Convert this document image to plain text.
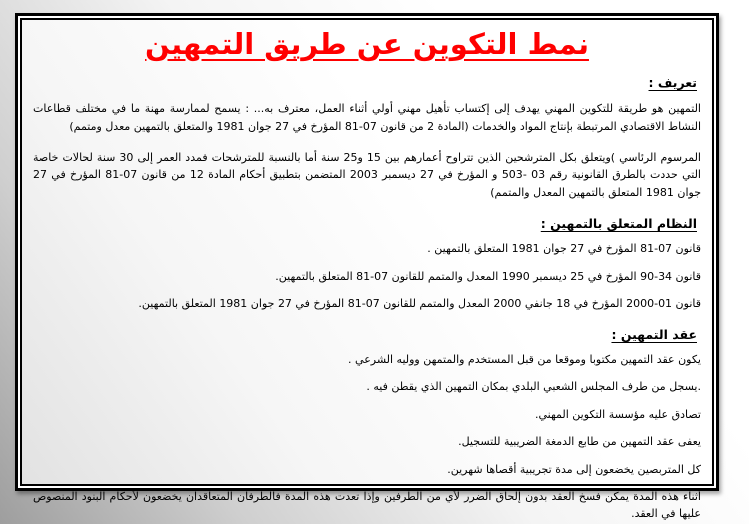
نمط التكوين عن طريق التمهين
تعريف :

التمهين هو طريقة للتكوين المهني يهدف إلى إكتساب تأهيل مهني أولي أثناء العمل، معترف به... : يسمح لممارسة مهنة ما في مختلف قطاعات النشاط الاقتصادي المرتبطة بإنتاج المواد والخدمات (المادة 2 من قانون 07-81 المؤرخ في 27 جوان 1981 والمتعلق بالتمهين معدل ومتمم)

المرسوم الرئاسي )ويتعلق بكل المترشحين الذين تتراوح أعمارهم بين 15 و25 سنة أما بالنسبة للمترشحات فمدد العمر إلى 30 سنة لحالات خاصة التي حددت بالطرق القانونية رقم 03 -503 و المؤرخ في 27 ديسمبر 2003 المتضمن بتطبيق أحكام المادة 12 من قانون 07-81 المؤرخ في 27 جوان 1981 المتعلق بالتمهين المعدل والمتمم)

النظام المتعلق بالتمهين :

قانون 07-81 المؤرخ في 27 جوان 1981 المتعلق بالتمهين .

قانون 34-90 المؤرخ في 25 ديسمبر 1990 المعدل والمتمم للقانون 07-81 المتعلق بالتمهين.

قانون 01-2000 المؤرخ في 18 جانفي 2000 المعدل والمتمم للقانون 07-81 المؤرخ في 27 جوان 1981 المتعلق بالتمهين.

عقد التمهين :

يكون عقد التمهين مكتوبا وموقعا من قبل المستخدم والمتمهن ووليه الشرعي .

.يسجل من طرف المجلس الشعبي البلدي بمكان التمهين الذي يقطن فيه .

تصادق عليه مؤسسة التكوين المهني.

يعفى عقد التمهين من طابع الدمغة الضريبية للتسجيل.

كل المتربصين يخضعون إلى مدة تجريبية أقصاها شهرين.

أثناء هذه المدة يمكن فسخ العقد بدون إلحاق الضرر لأي من الطرفين وإذا تعدت هذه المدة فالطرفان المتعاقدان يخضعون لأحكام البنود المنصوص عليها في العقد.
